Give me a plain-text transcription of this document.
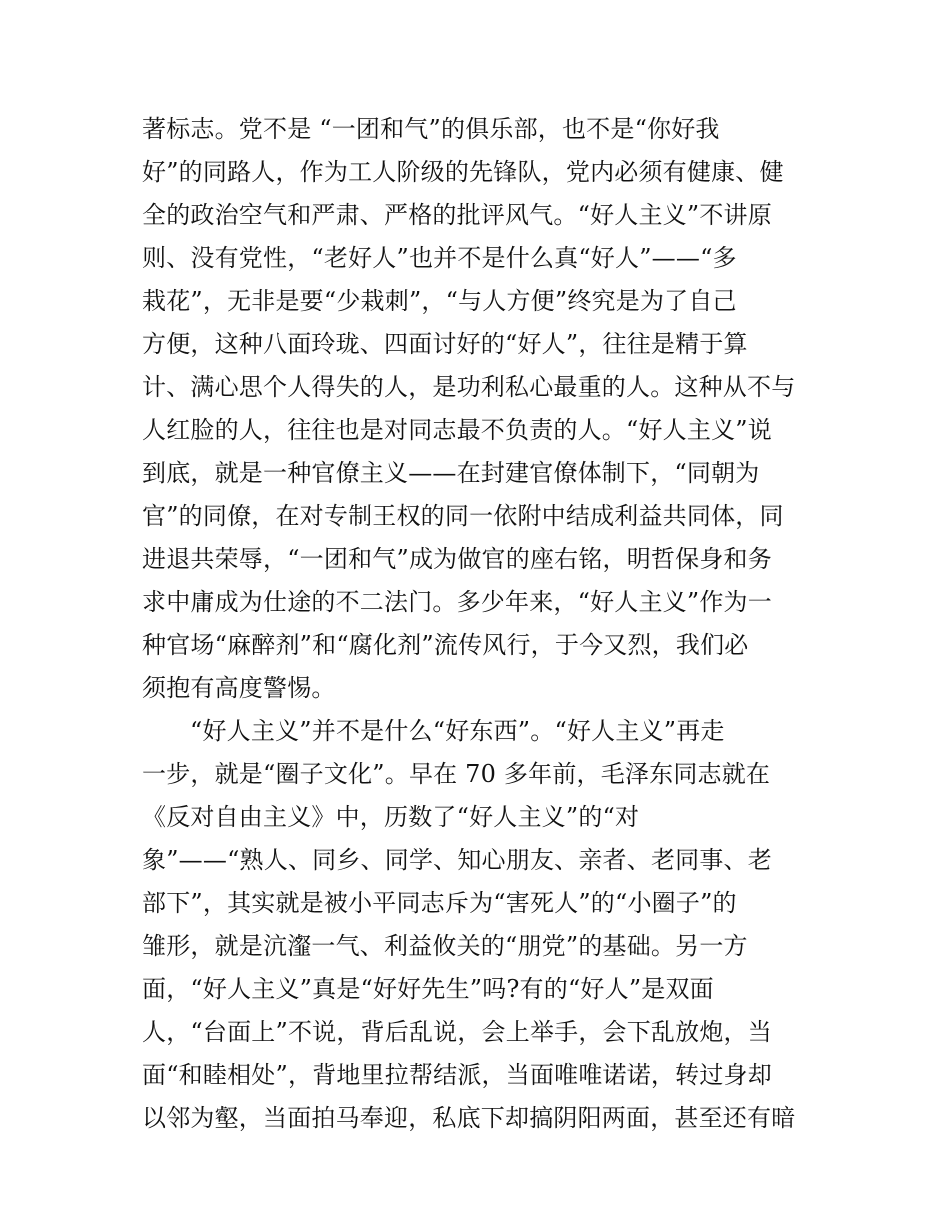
著标志。党不是 “一团和气”的俱乐部，也不是“你好我
好”的同路人，作为工人阶级的先锋队，党内必须有健康、健
全的政治空气和严肃、严格的批评风气。“好人主义”不讲原
则、没有党性，“老好人”也并不是什么真“好人”——“多
栽花”，无非是要“少栽刺”，“与人方便”终究是为了自己
方便，这种八面玲珑、四面讨好的“好人”，往往是精于算
计、满心思个人得失的人，是功利私心最重的人。这种从不与
人红脸的人，往往也是对同志最不负责的人。“好人主义”说
到底，就是一种官僚主义——在封建官僚体制下，“同朝为
官”的同僚，在对专制王权的同一依附中结成利益共同体，同
进退共荣辱，“一团和气”成为做官的座右铭，明哲保身和务
求中庸成为仕途的不二法门。多少年来，“好人主义”作为一
种官场“麻醉剂”和“腐化剂”流传风行，于今又烈，我们必
须抱有高度警惕。
“好人主义”并不是什么“好东西”。“好人主义”再走
一步，就是“圈子文化”。早在 70 多年前，毛泽东同志就在
《反对自由主义》中，历数了“好人主义”的“对
象”——“熟人、同乡、同学、知心朋友、亲者、老同事、老
部下”，其实就是被小平同志斥为“害死人”的“小圈子”的
雏形，就是沆瀣一气、利益攸关的“朋党”的基础。另一方
面，“好人主义”真是“好好先生”吗?有的“好人”是双面
人，“台面上”不说，背后乱说，会上举手，会下乱放炮，当
面“和睦相处”，背地里拉帮结派，当面唯唯诺诺，转过身却
以邻为壑，当面拍马奉迎，私底下却搞阴阳两面，甚至还有暗
